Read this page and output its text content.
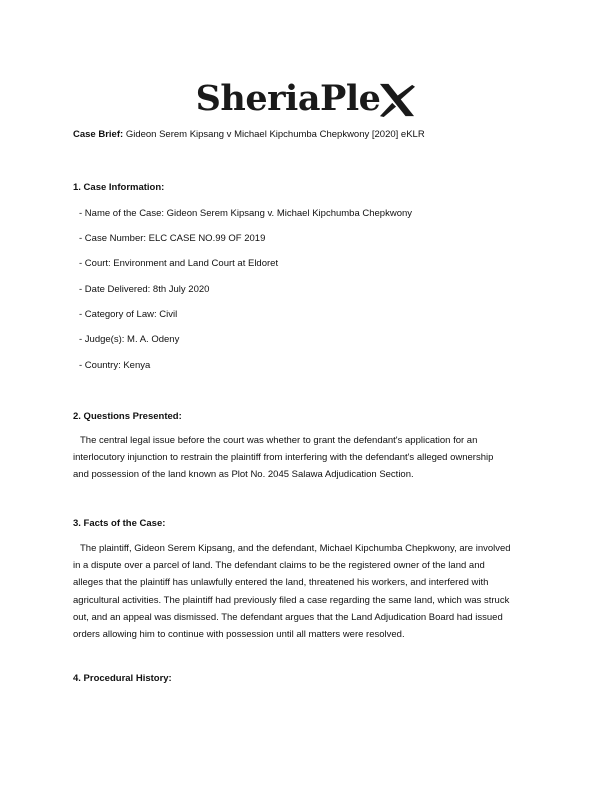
SheriaPle
Case Brief: Gideon Serem Kipsang v Michael Kipchumba Chepkwony [2020] eKLR
1. Case Information:
- Name of the Case: Gideon Serem Kipsang v. Michael Kipchumba Chepkwony
- Case Number: ELC CASE NO.99 OF 2019
- Court: Environment and Land Court at Eldoret
- Date Delivered: 8th July 2020
- Category of Law: Civil
- Judge(s): M. A. Odeny
- Country: Kenya
2. Questions Presented:
The central legal issue before the court was whether to grant the defendant's application for an
interlocutory injunction to restrain the plaintiff from interfering with the defendant's alleged ownership
and possession of the land known as Plot No. 2045 Salawa Adjudication Section.
3. Facts of the Case:
The plaintiff, Gideon Serem Kipsang, and the defendant, Michael Kipchumba Chepkwony, are involved
in a dispute over a parcel of land. The defendant claims to be the registered owner of the land and
alleges that the plaintiff has unlawfully entered the land, threatened his workers, and interfered with
agricultural activities. The plaintiff had previously filed a case regarding the same land, which was struck
out, and an appeal was dismissed. The defendant argues that the Land Adjudication Board had issued
orders allowing him to continue with possession until all matters were resolved.
4. Procedural History:
